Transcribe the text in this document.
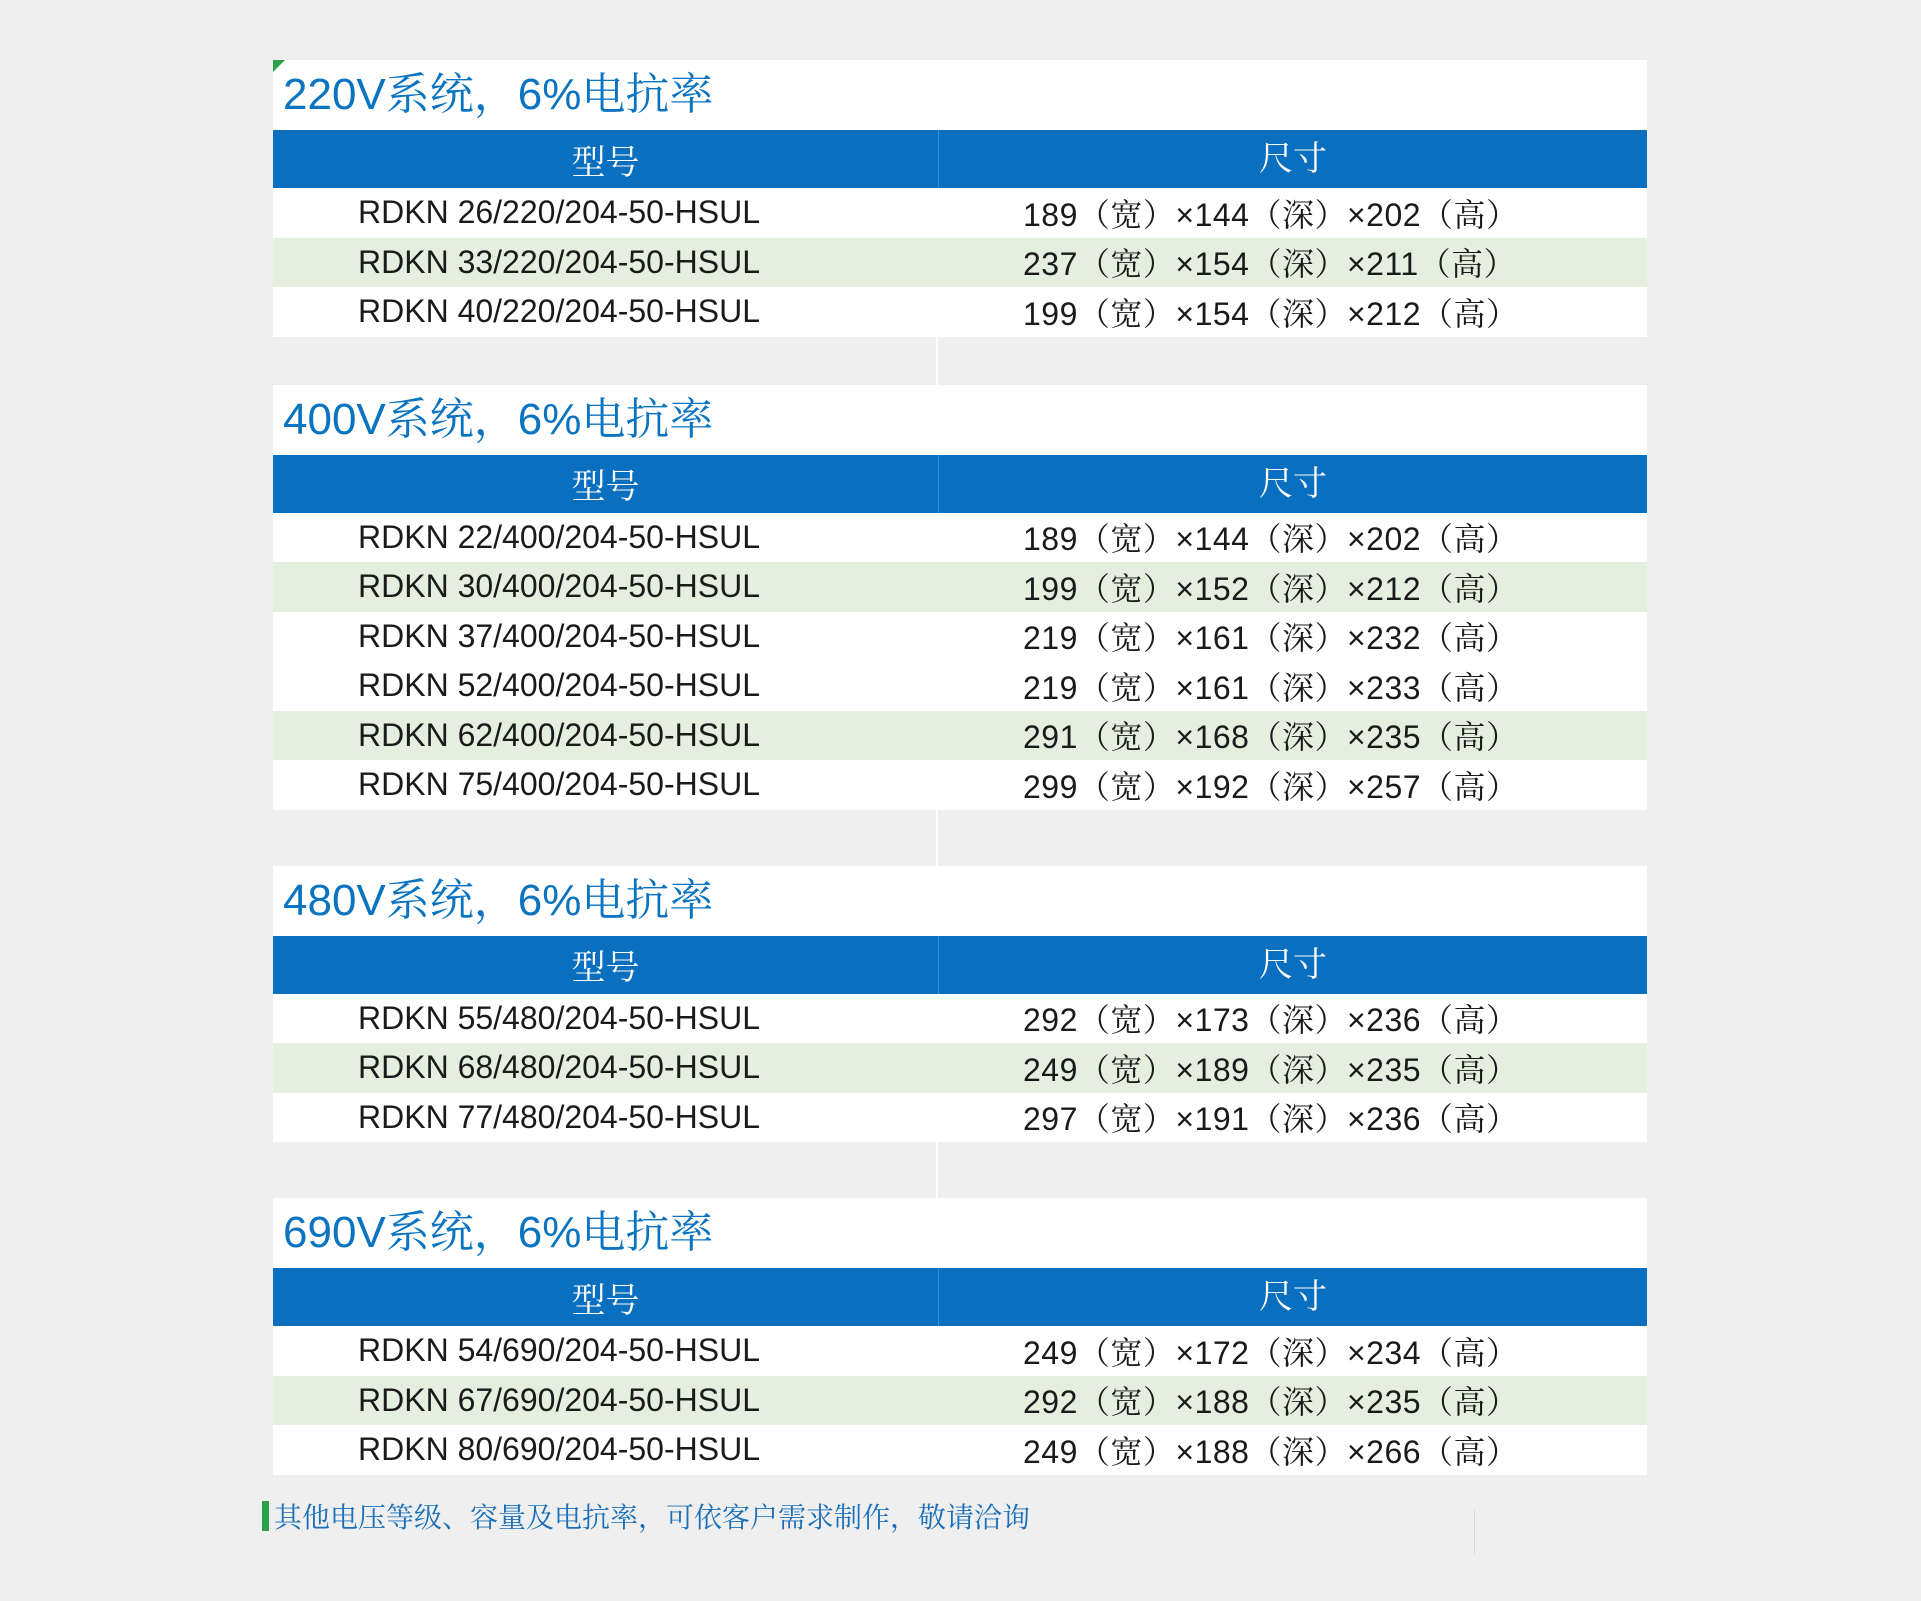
220V系统，6%电抗率
型号	尺寸
RDKN 26/220/204-50-HSUL	189（宽）×144（深）×202（高）
RDKN 33/220/204-50-HSUL	237（宽）×154（深）×211（高）
RDKN 40/220/204-50-HSUL	199（宽）×154（深）×212（高）
400V系统，6%电抗率
型号	尺寸
RDKN 22/400/204-50-HSUL	189（宽）×144（深）×202（高）
RDKN 30/400/204-50-HSUL	199（宽）×152（深）×212（高）
RDKN 37/400/204-50-HSUL	219（宽）×161（深）×232（高）
RDKN 52/400/204-50-HSUL	219（宽）×161（深）×233（高）
RDKN 62/400/204-50-HSUL	291（宽）×168（深）×235（高）
RDKN 75/400/204-50-HSUL	299（宽）×192（深）×257（高）
480V系统，6%电抗率
型号	尺寸
RDKN 55/480/204-50-HSUL	292（宽）×173（深）×236（高）
RDKN 68/480/204-50-HSUL	249（宽）×189（深）×235（高）
RDKN 77/480/204-50-HSUL	297（宽）×191（深）×236（高）
690V系统，6%电抗率
型号	尺寸
RDKN 54/690/204-50-HSUL	249（宽）×172（深）×234（高）
RDKN 67/690/204-50-HSUL	292（宽）×188（深）×235（高）
RDKN 80/690/204-50-HSUL	249（宽）×188（深）×266（高）
其他电压等级、容量及电抗率，可依客户需求制作，敬请洽询
